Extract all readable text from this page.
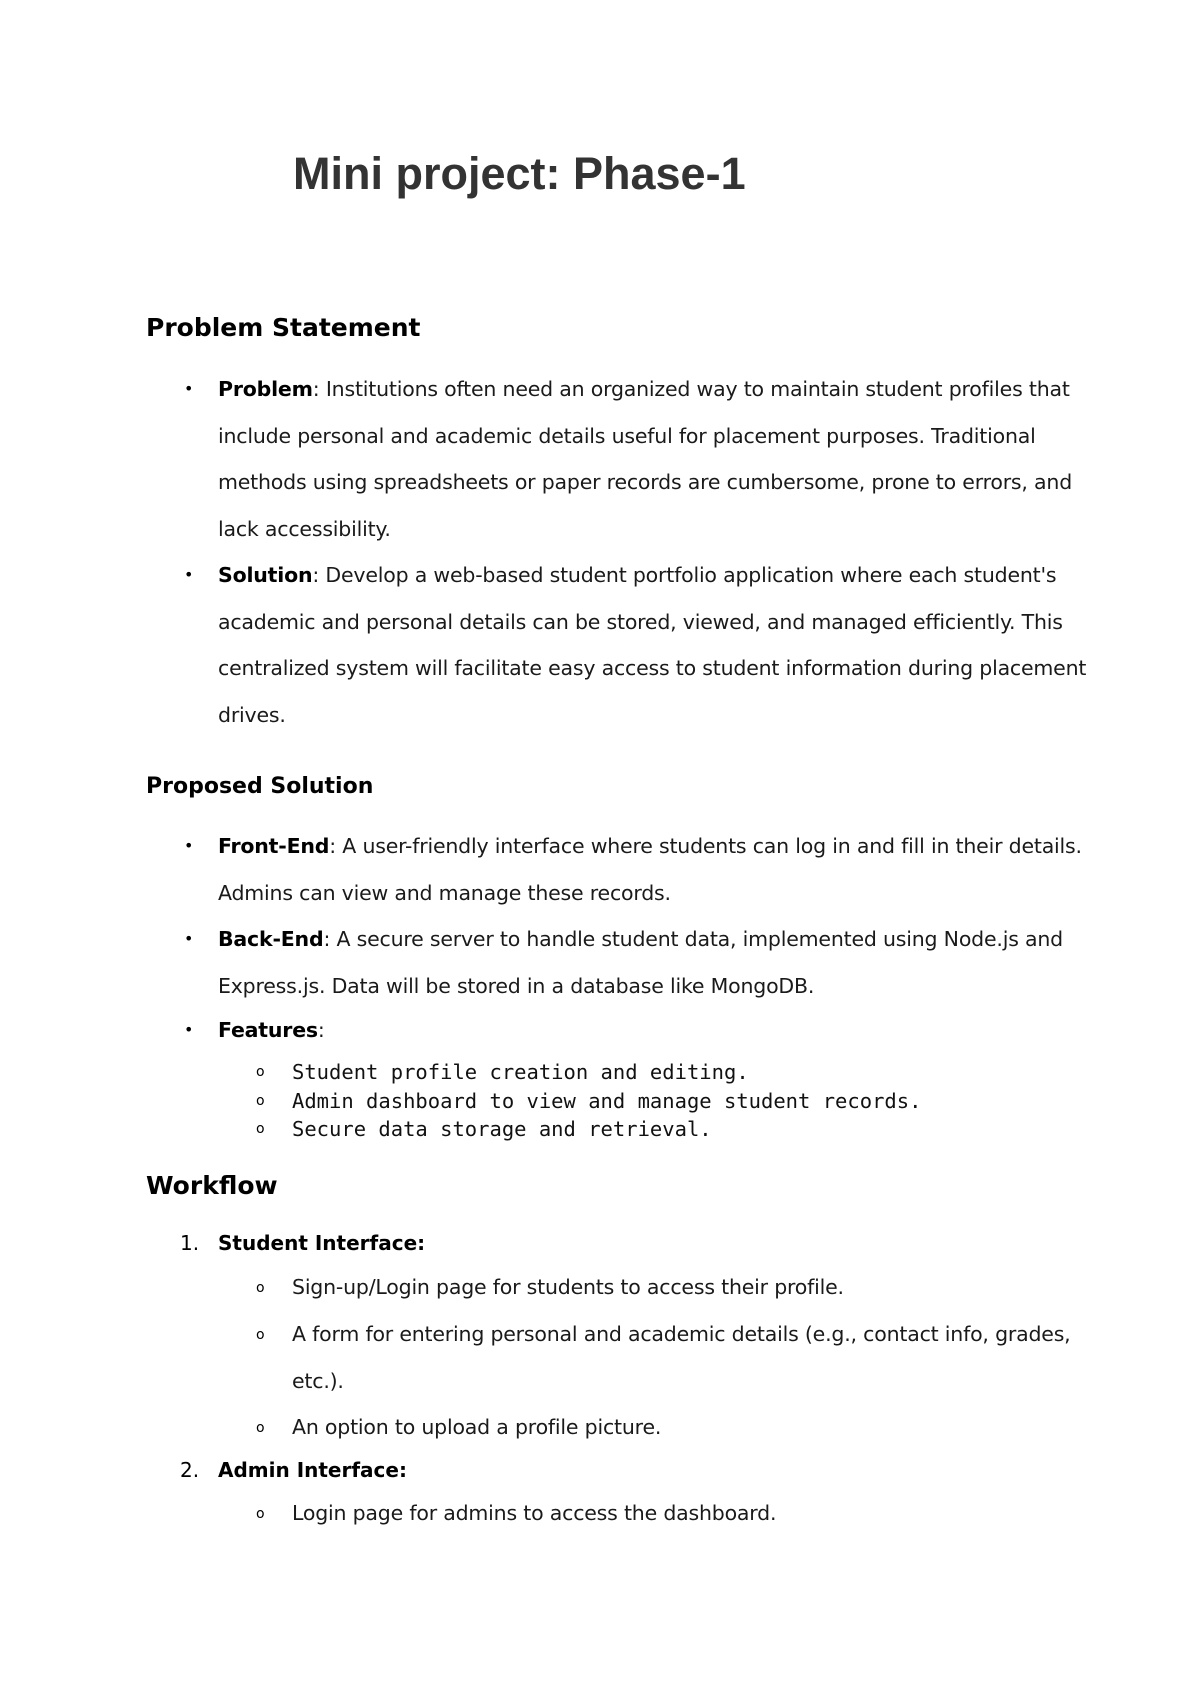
Mini project: Phase-1
Problem Statement
• Problem: Institutions often need an organized way to maintain student profiles that include personal and academic details useful for placement purposes. Traditional methods using spreadsheets or paper records are cumbersome, prone to errors, and lack accessibility.

• Solution: Develop a web-based student portfolio application where each student's academic and personal details can be stored, viewed, and managed efficiently. This centralized system will facilitate easy access to student information during placement drives.

Proposed Solution
• Front-End: A user-friendly interface where students can log in and fill in their details. Admins can view and manage these records.

• Back-End: A secure server to handle student data, implemented using Node.js and Express.js. Data will be stored in a database like MongoDB.

• Features:

o Student profile creation and editing.
o Admin dashboard to view and manage student records.
o Secure data storage and retrieval.
Workflow
1. Student Interface:
o Sign-up/Login page for students to access their profile.

o A form for entering personal and academic details (e.g., contact info, grades, etc.).

o An option to upload a profile picture.

2. Admin Interface:
o Login page for admins to access the dashboard.
